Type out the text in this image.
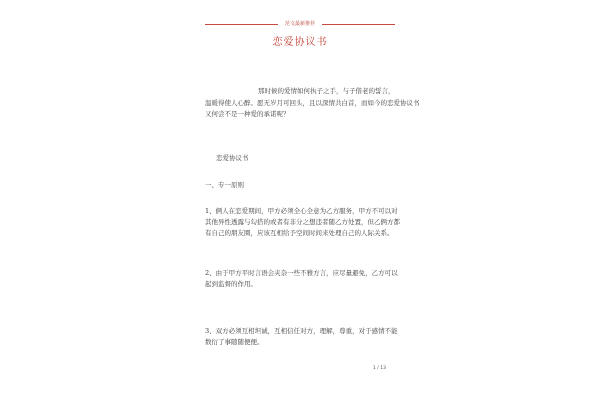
范文最新推荐
恋爱协议书
那时候的爱情如何执子之手，与子偕老的誓言，
温暖得使人心醉。愿无岁月可回头，且以深情共白首，而如今的恋爱协议书又何尝不是一种爱的承诺呢？
恋爱协议书
一、专一原则
1、俩人在恋爱期间，甲方必须全心全意为乙方服务，甲方不可以对其他异性透露与勾搭的或者有非分之想违者随乙方处置，但乙俩方都有自己的朋友圈，应该互相给予空间时间来处理自己的人际关系。
2、由于甲方平时言语会夹杂一些不雅方言，应尽量避免，乙方可以起到监督的作用。
3、双方必须互相坦诚，互相信任对方，理解，尊重，对于感情不能数衍了事随随便便。
1 / 13
